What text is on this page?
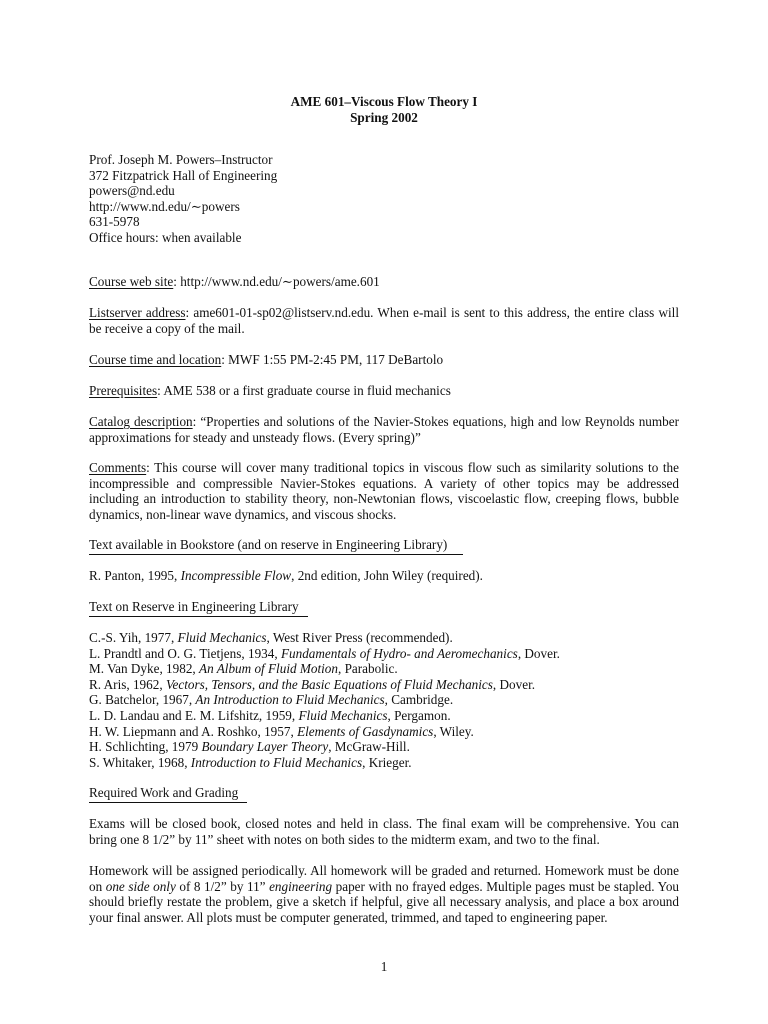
AME 601–Viscous Flow Theory I
Spring 2002
Prof. Joseph M. Powers–Instructor
372 Fitzpatrick Hall of Engineering
powers@nd.edu
http://www.nd.edu/∼powers
631-5978
Office hours: when available
Course web site: http://www.nd.edu/∼powers/ame.601
Listserver address: ame601-01-sp02@listserv.nd.edu. When e-mail is sent to this address, the entire class will be receive a copy of the mail.
Course time and location: MWF 1:55 PM-2:45 PM, 117 DeBartolo
Prerequisites: AME 538 or a first graduate course in fluid mechanics
Catalog description: “Properties and solutions of the Navier-Stokes equations, high and low Reynolds number approximations for steady and unsteady flows. (Every spring)”
Comments: This course will cover many traditional topics in viscous flow such as similarity solutions to the incompressible and compressible Navier-Stokes equations. A variety of other topics may be addressed including an introduction to stability theory, non-Newtonian flows, viscoelastic flow, creeping flows, bubble dynamics, non-linear wave dynamics, and viscous shocks.
Text available in Bookstore (and on reserve in Engineering Library)
R. Panton, 1995, Incompressible Flow, 2nd edition, John Wiley (required).
Text on Reserve in Engineering Library
C.-S. Yih, 1977, Fluid Mechanics, West River Press (recommended).
L. Prandtl and O. G. Tietjens, 1934, Fundamentals of Hydro- and Aeromechanics, Dover.
M. Van Dyke, 1982, An Album of Fluid Motion, Parabolic.
R. Aris, 1962, Vectors, Tensors, and the Basic Equations of Fluid Mechanics, Dover.
G. Batchelor, 1967, An Introduction to Fluid Mechanics, Cambridge.
L. D. Landau and E. M. Lifshitz, 1959, Fluid Mechanics, Pergamon.
H. W. Liepmann and A. Roshko, 1957, Elements of Gasdynamics, Wiley.
H. Schlichting, 1979 Boundary Layer Theory, McGraw-Hill.
S. Whitaker, 1968, Introduction to Fluid Mechanics, Krieger.
Required Work and Grading
Exams will be closed book, closed notes and held in class. The final exam will be comprehensive. You can bring one 8 1/2” by 11” sheet with notes on both sides to the midterm exam, and two to the final.
Homework will be assigned periodically. All homework will be graded and returned. Homework must be done on one side only of 8 1/2” by 11” engineering paper with no frayed edges. Multiple pages must be stapled. You should briefly restate the problem, give a sketch if helpful, give all necessary analysis, and place a box around your final answer. All plots must be computer generated, trimmed, and taped to engineering paper.
1
